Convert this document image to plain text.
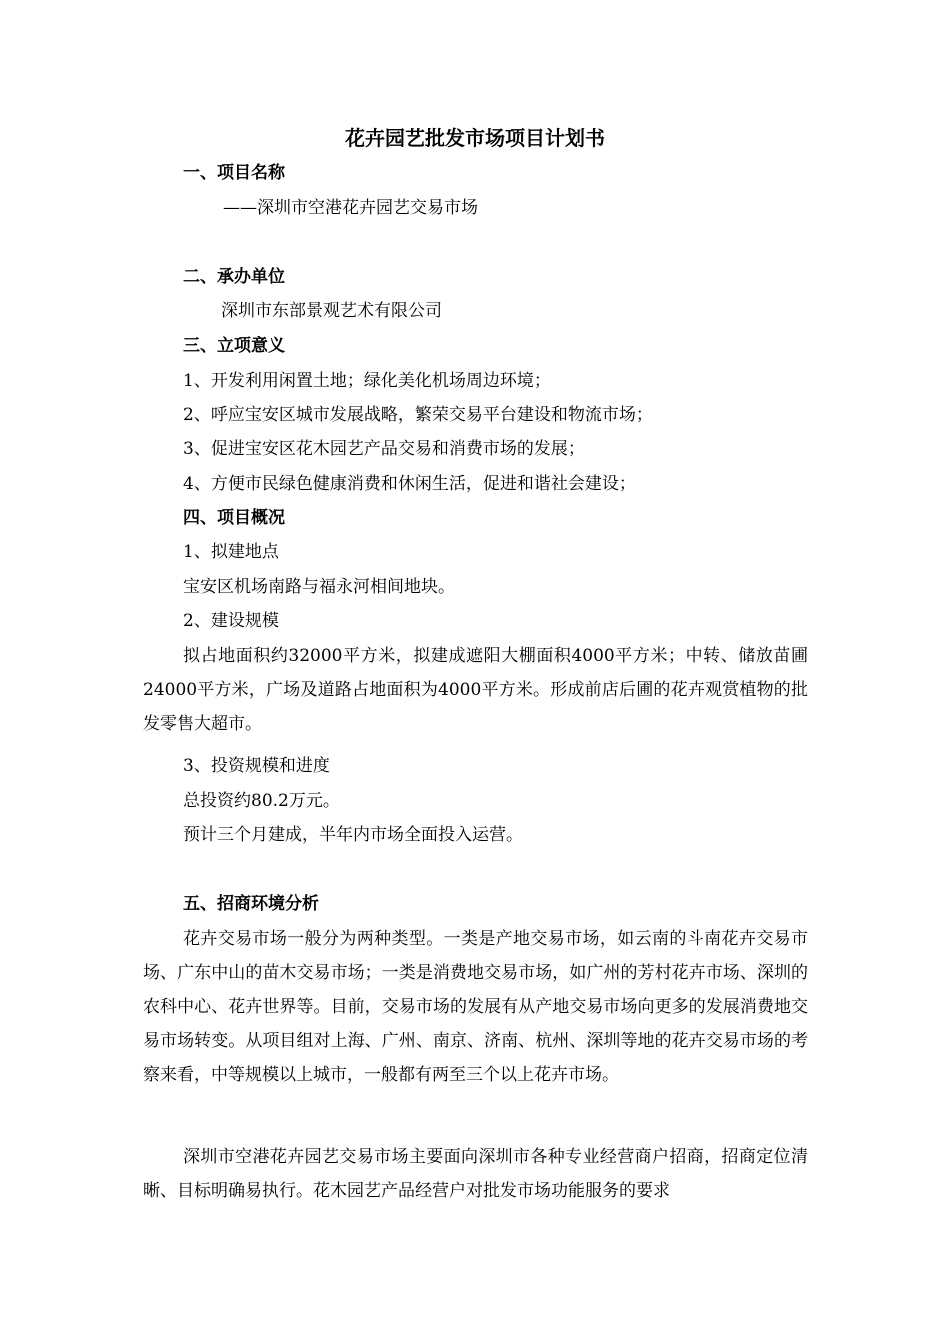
花卉园艺批发市场项目计划书
一、项目名称
——深圳市空港花卉园艺交易市场
二、承办单位
深圳市东部景观艺术有限公司
三、立项意义
1、开发利用闲置土地；绿化美化机场周边环境；
2、呼应宝安区城市发展战略，繁荣交易平台建设和物流市场；
3、促进宝安区花木园艺产品交易和消费市场的发展；
4、方便市民绿色健康消费和休闲生活，促进和谐社会建设；
四、项目概况
1、拟建地点
宝安区机场南路与福永河相间地块。
2、建设规模
拟占地面积约32000平方米，拟建成遮阳大棚面积4000平方米；中转、储放苗圃24000平方米，广场及道路占地面积为4000平方米。形成前店后圃的花卉观赏植物的批发零售大超市。
3、投资规模和进度
总投资约80.2万元。
预计三个月建成，半年内市场全面投入运营。
五、招商环境分析
花卉交易市场一般分为两种类型。一类是产地交易市场，如云南的斗南花卉交易市场、广东中山的苗木交易市场；一类是消费地交易市场，如广州的芳村花卉市场、深圳的农科中心、花卉世界等。目前，交易市场的发展有从产地交易市场向更多的发展消费地交易市场转变。从项目组对上海、广州、南京、济南、杭州、深圳等地的花卉交易市场的考察来看，中等规模以上城市，一般都有两至三个以上花卉市场。
深圳市空港花卉园艺交易市场主要面向深圳市各种专业经营商户招商，招商定位清晰、目标明确易执行。花木园艺产品经营户对批发市场功能服务的要求
